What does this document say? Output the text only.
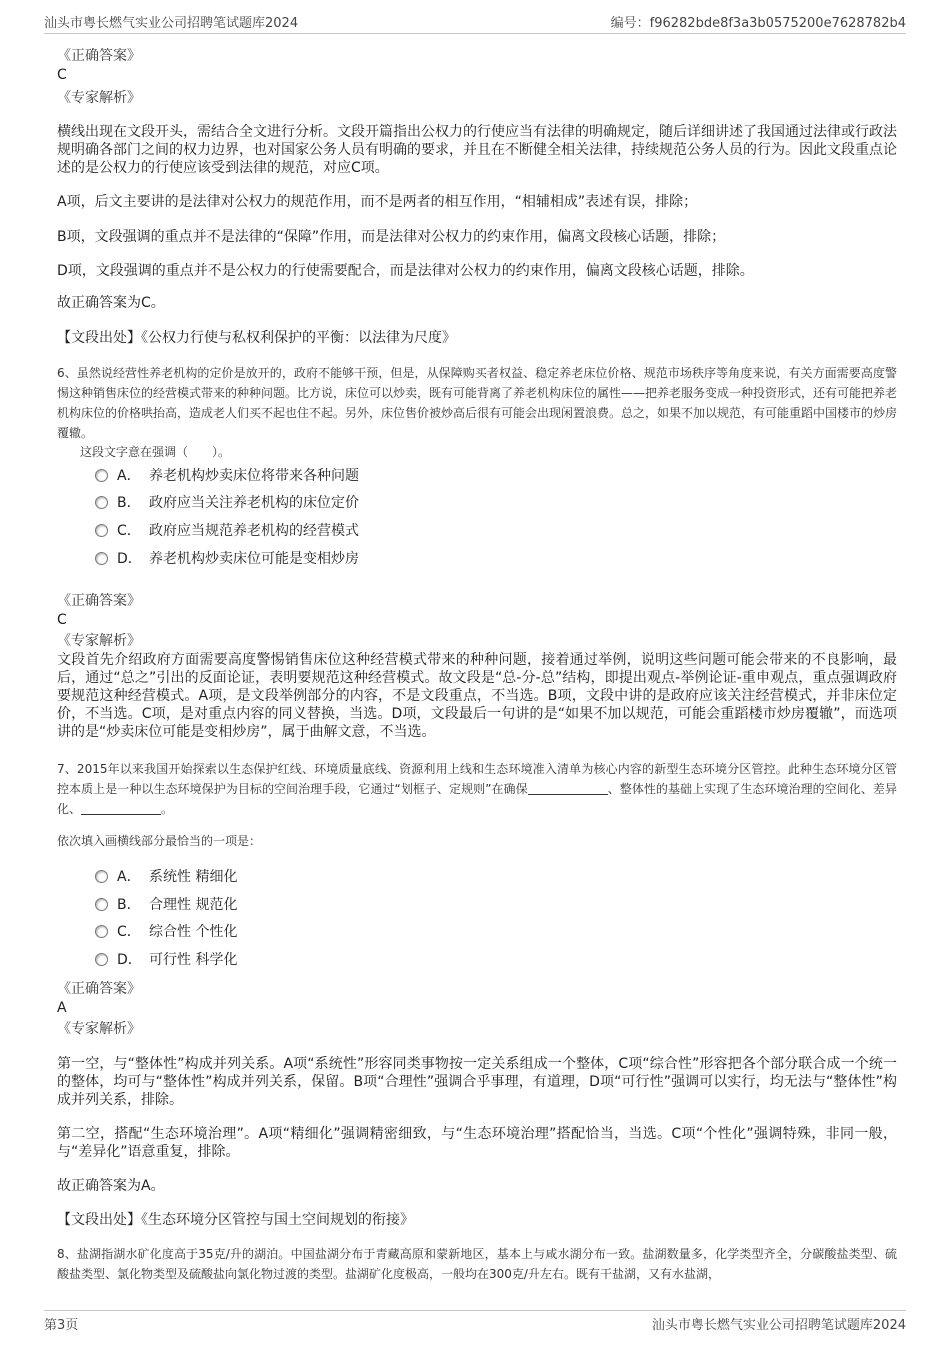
汕头市粤长燃气实业公司招聘笔试题库2024	编号：f96282bde8f3a3b0575200e7628782b4
《正确答案》
C
《专家解析》
横线出现在文段开头，需结合全文进行分析。文段开篇指出公权力的行使应当有法律的明确规定，随后详细讲述了我国通过法律或行政法规明确各部门之间的权力边界，也对国家公务人员有明确的要求，并且在不断健全相关法律，持续规范公务人员的行为。因此文段重点论述的是公权力的行使应该受到法律的规范，对应C项。
A项，后文主要讲的是法律对公权力的规范作用，而不是两者的相互作用，“相辅相成”表述有误，排除；
B项，文段强调的重点并不是法律的“保障”作用，而是法律对公权力的约束作用，偏离文段核心话题，排除；
D项，文段强调的重点并不是公权力的行使需要配合，而是法律对公权力的约束作用，偏离文段核心话题，排除。
故正确答案为C。
【文段出处】《公权力行使与私权利保护的平衡：以法律为尺度》
6、虽然说经营性养老机构的定价是放开的，政府不能够干预，但是，从保障购买者权益、稳定养老床位价格、规范市场秩序等角度来说，有关方面需要高度警惕这种销售床位的经营模式带来的种种问题。比方说，床位可以炒卖，既有可能背离了养老机构床位的属性——把养老服务变成一种投资形式，还有可能把养老机构床位的价格哄抬高，造成老人们买不起也住不起。另外，床位售价被炒高后很有可能会出现闲置浪费。总之，如果不加以规范，有可能重蹈中国楼市的炒房覆辙。
这段文字意在强调（　　）。
A． 养老机构炒卖床位将带来各种问题
B． 政府应当关注养老机构的床位定价
C． 政府应当规范养老机构的经营模式
D． 养老机构炒卖床位可能是变相炒房
《正确答案》
C
《专家解析》
文段首先介绍政府方面需要高度警惕销售床位这种经营模式带来的种种问题，接着通过举例，说明这些问题可能会带来的不良影响，最后，通过“总之”引出的反面论证，表明要规范这种经营模式。故文段是“总-分-总”结构，即提出观点-举例论证-重申观点，重点强调政府要规范这种经营模式。A项，是文段举例部分的内容，不是文段重点，不当选。B项，文段中讲的是政府应该关注经营模式，并非床位定价，不当选。C项，是对重点内容的同义替换，当选。D项，文段最后一句讲的是“如果不加以规范，可能会重蹈楼市炒房覆辙”，而选项讲的是“炒卖床位可能是变相炒房”，属于曲解文意，不当选。
7、2015年以来我国开始探索以生态保护红线、环境质量底线、资源利用上线和生态环境准入清单为核心内容的新型生态环境分区管控。此种生态环境分区管控本质上是一种以生态环境保护为目标的空间治理手段，它通过“划框子、定规则”在确保	、整体性的基础上实现了生态环境治理的空间化、差异化、	。
依次填入画横线部分最恰当的一项是：
A． 系统性 精细化
B． 合理性 规范化
C． 综合性 个性化
D． 可行性 科学化
《正确答案》
A
《专家解析》
第一空，与“整体性”构成并列关系。A项“系统性”形容同类事物按一定关系组成一个整体，C项“综合性”形容把各个部分联合成一个统一的整体，均可与“整体性”构成并列关系，保留。B项“合理性”强调合乎事理，有道理，D项“可行性”强调可以实行，均无法与“整体性”构成并列关系，排除。
第二空，搭配“生态环境治理”。A项“精细化”强调精密细致，与“生态环境治理”搭配恰当，当选。C项“个性化”强调特殊，非同一般，与“差异化”语意重复，排除。
故正确答案为A。
【文段出处】《生态环境分区管控与国土空间规划的衔接》
8、盐湖指湖水矿化度高于35克/升的湖泊。中国盐湖分布于青藏高原和蒙新地区，基本上与咸水湖分布一致。盐湖数量多，化学类型齐全，分碳酸盐类型、硫酸盐类型、氯化物类型及硫酸盐向氯化物过渡的类型。盐湖矿化度极高，一般均在300克/升左右。既有干盐湖，又有水盐湖，
第3页	汕头市粤长燃气实业公司招聘笔试题库2024
